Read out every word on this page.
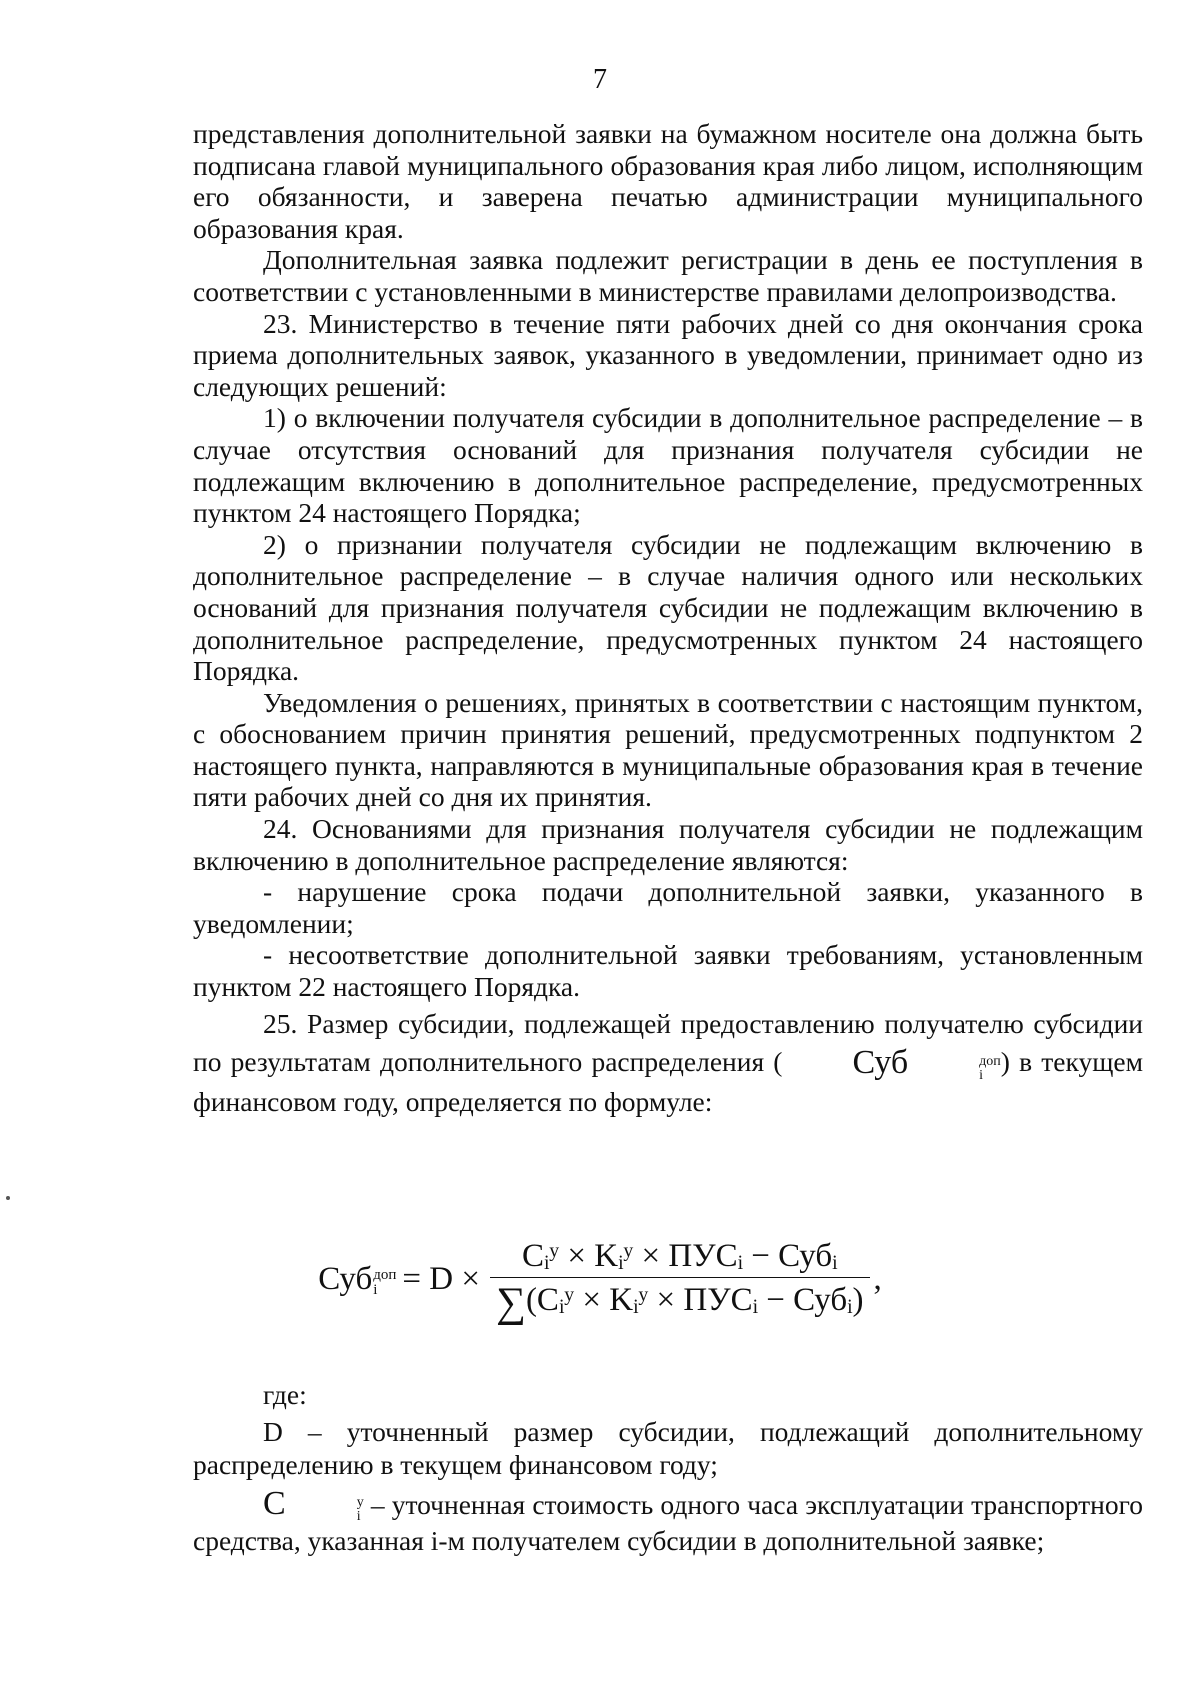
7

представления дополнительной заявки на бумажном носителе она должна быть подписана главой муниципального образования края либо лицом, исполняющим его обязанности, и заверена печатью администрации муниципального образования края.

Дополнительная заявка подлежит регистрации в день ее поступления в соответствии с установленными в министерстве правилами делопроизводства.

23. Министерство в течение пяти рабочих дней со дня окончания срока приема дополнительных заявок, указанного в уведомлении, принимает одно из следующих решений:

1) о включении получателя субсидии в дополнительное распределение – в случае отсутствия оснований для признания получателя субсидии не подлежащим включению в дополнительное распределение, предусмотренных пунктом 24 настоящего Порядка;

2) о признании получателя субсидии не подлежащим включению в дополнительное распределение – в случае наличия одного или нескольких оснований для признания получателя субсидии не подлежащим включению в дополнительное распределение, предусмотренных пунктом 24 настоящего Порядка.

Уведомления о решениях, принятых в соответствии с настоящим пунктом, с обоснованием причин принятия решений, предусмотренных подпунктом 2 настоящего пункта, направляются в муниципальные образования края в течение пяти рабочих дней со дня их принятия.

24. Основаниями для признания получателя субсидии не подлежащим включению в дополнительное распределение являются:

- нарушение срока подачи дополнительной заявки, указанного в уведомлении;

- несоответствие дополнительной заявки требованиям, установленным пунктом 22 настоящего Порядка.

25. Размер субсидии, подлежащей предоставлению получателю субсидии по результатам дополнительного распределения ( Суб	доп
i ) в текущем финансовом году, определяется по формуле:

Суб доп
$i = D \times \frac{\text{Cᵢʸ × Kᵢʸ × ПУСᵢ − Субᵢ}}{\text{∑(Cᵢʸ × Kᵢʸ × ПУСᵢ − Субᵢ)}}$ ,

где:

D – уточненный размер субсидии, подлежащий дополнительному распределению в текущем финансовом году;

C	у
i – уточненная стоимость одного часа эксплуатации транспортного средства, указанная i-м получателем субсидии в дополнительной заявке;
